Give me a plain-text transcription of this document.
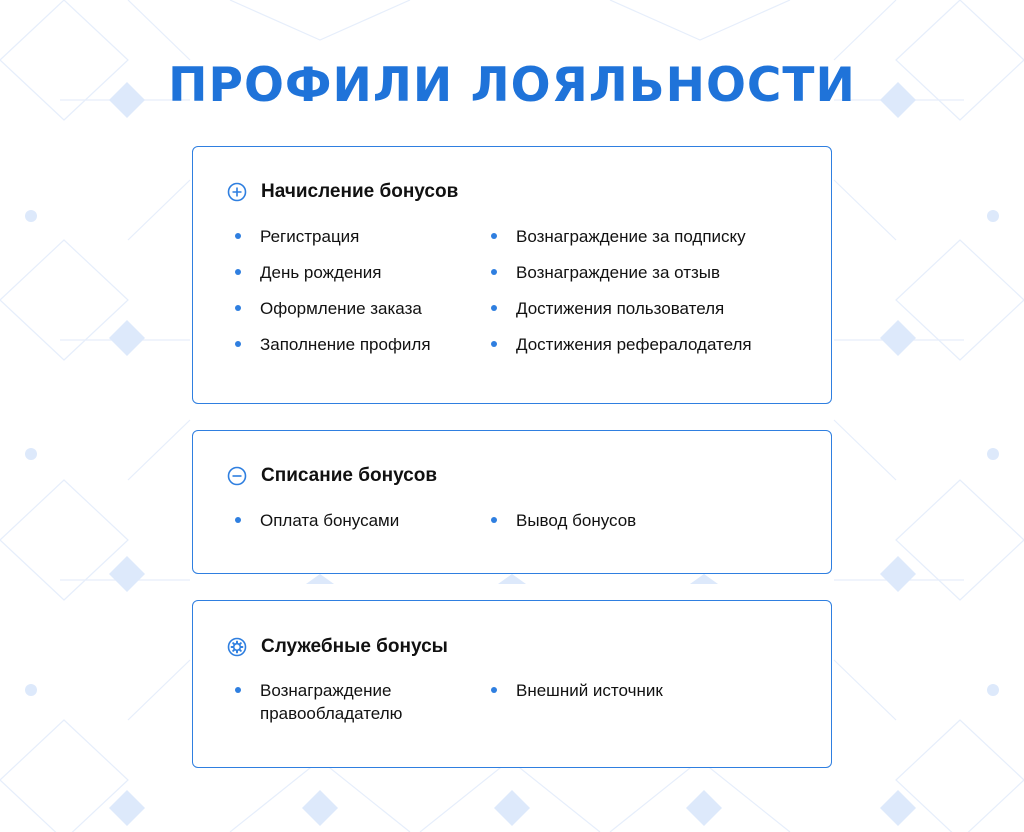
ПРОФИЛИ ЛОЯЛЬНОСТИ
Начисление бонусов
Регистрация
День рождения
Оформление заказа
Заполнение профиля
Вознаграждение за подписку
Вознаграждение за отзыв
Достижения пользователя
Достижения рефералодателя
Списание бонусов
Оплата бонусами	Вывод бонусов
Служебные бонусы
Вознаграждение правообладателю
Внешний источник
